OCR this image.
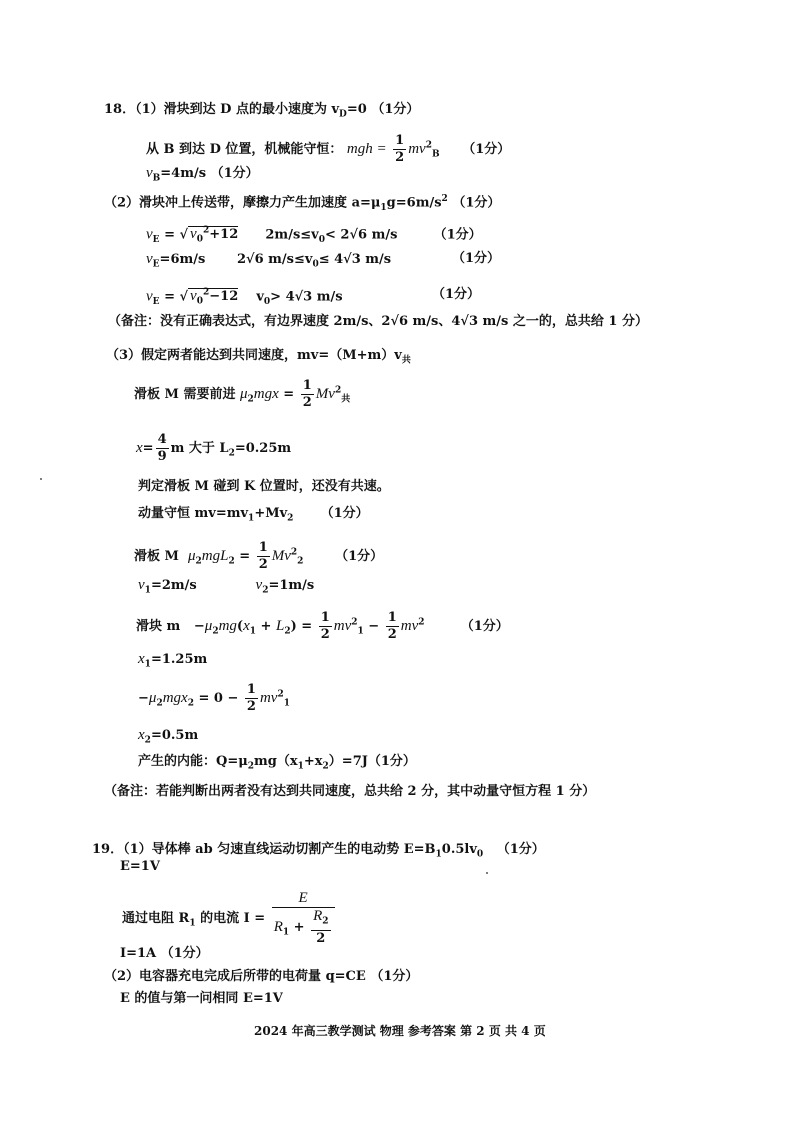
18．（1）滑块到达 D 点的最小速度为 $v_D=0$ （1分）
从 B 到达 D 位置，机械能守恒： mgh = $\frac{1}{2} mv^2_B$ （1分）
$v_B=4m/s$ （1分）
（2）滑块冲上传送带，摩擦力产生加速度 $a=\mu_1g=6m/s^2$ （1分）
$v_E$ = √ $v_0^2+12$ $2m/s\le v_0< 2√6$ m/s	（1分）
$v_E=6m/s$ 2√6 $m/s\le v_0\le 4√3$ m/s	（1分）
$v_E$ = √ $v_0^2-12$ $v_0> 4√3$ m/s	（1分）
（备注：没有正确表达式，有边界速度 2m/s、2√6 m/s、4√3 m/s 之一的，总共给 1 分）
（3）假定两者能达到共同速度，$mv=(M+m)v_共$
滑板 M 需要前进 $\mu_2mgx = \frac{1}{2} Mv^2_共$
$x= \frac{4}{9}$ m 大于 $L_2=0.25m$
判定滑板 M 碰到 K 位置时，还没有共速。
动量守恒 $mv=mv_1+Mv_2$ （1分）
滑板 M $\mu_2mgL_2 = \frac{1}{2} Mv^2_2$ （1分）
$v_1=2m/s$	$v_2=1m/s$
滑块 $m -\mu_2mg(x_1 + L_2) = \frac{1}{2} mv^2_1 - \frac{1}{2} mv^2$	（1分）
$x_1=1.25m$
$-\mu_2mgx_2 = 0 - \frac{1}{2} mv^2_1$
$x_2=0.5m$
产生的内能：$Q=\mu_2mg(x_1+x_2)=7J(1$分）
（备注：若能判断出两者没有达到共同速度，总共给 2 分，其中动量守恒方程 1 分）
19．（1）导体棒 ab 匀速直线运动切割产生的电动势 $E=B_10.5lv_0$ （1分）
E=1V
通过电阻 $R_1$ 的电流 $I = \frac{E}{R_1 + \frac{R_2}{2}}$
I=1A （1分）
（2）电容器充电完成后所带的电荷量 q=CE （1分）
E 的值与第一问相同 E=1V
2024 年高三教学测试 物理 参考答案 第 2 页 共 4 页
